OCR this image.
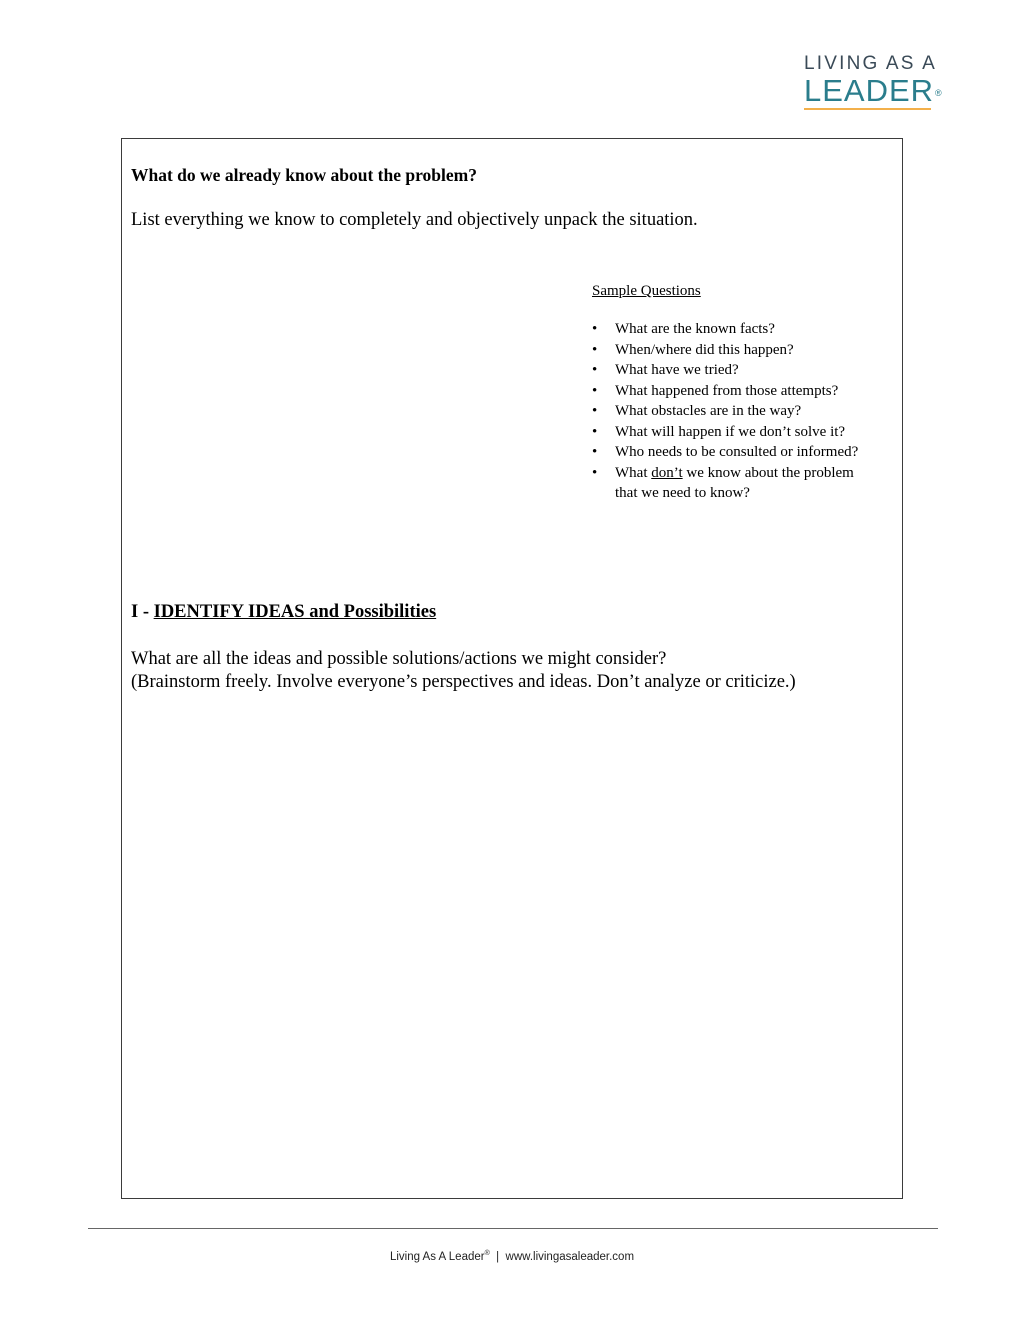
LIVING AS A
LEADER®
What do we already know about the problem?
List everything we know to completely and objectively unpack the situation.
Sample Questions
• What are the known facts?
• When/where did this happen?
• What have we tried?
• What happened from those attempts?
• What obstacles are in the way?
• What will happen if we don’t solve it?
• Who needs to be consulted or informed?
• What don’t we know about the problem
that we need to know?
I - IDENTIFY IDEAS and Possibilities
What are all the ideas and possible solutions/actions we might consider?
(Brainstorm freely. Involve everyone’s perspectives and ideas. Don’t analyze or criticize.)
Living As A Leader® | www.livingasaleader.com
